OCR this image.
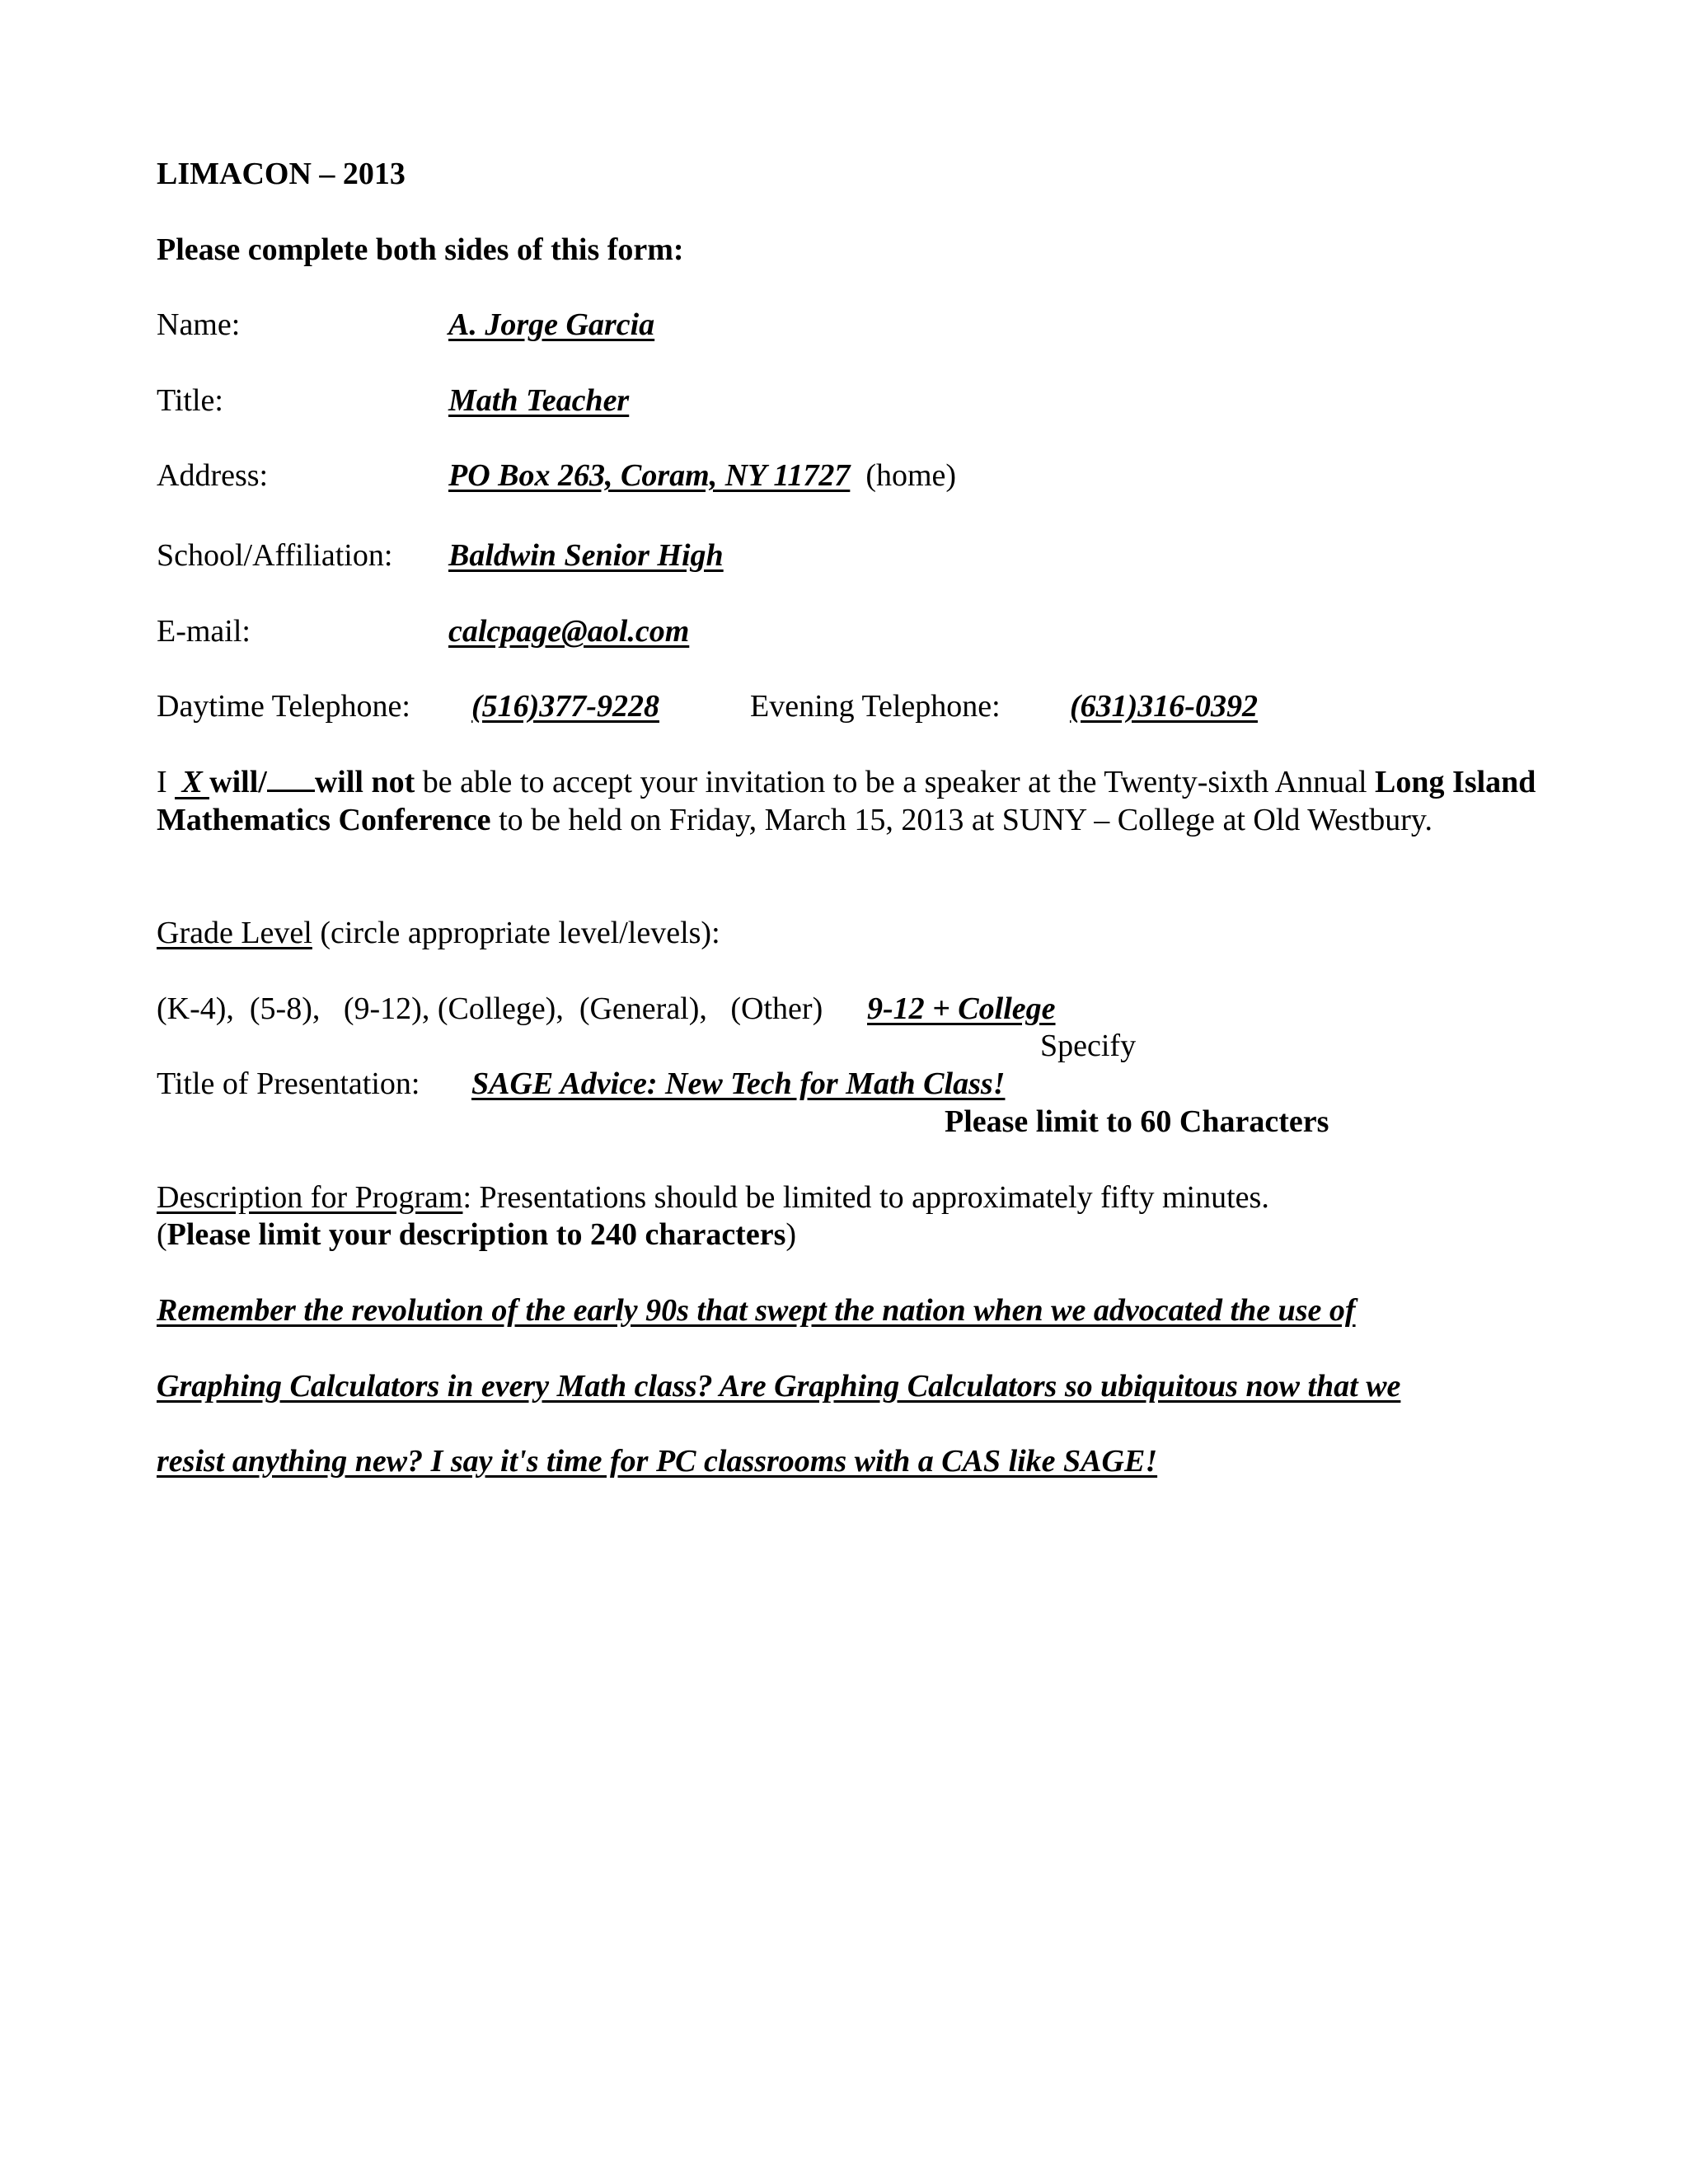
LIMACON – 2013
Please complete both sides of this form:
Name:	A. Jorge Garcia
Title:	Math Teacher
Address:	PO Box 263, Coram, NY 11727 (home)
School/Affiliation: Baldwin Senior High
E-mail:	calcpage@aol.com
Daytime Telephone: (516)377-9228	Evening Telephone: (631)316-0392
I X will/ will not be able to accept your invitation to be a speaker at the Twenty-sixth Annual Long Island Mathematics Conference to be held on Friday, March 15, 2013 at SUNY – College at Old Westbury.
Grade Level (circle appropriate level/levels):
(K-4),  (5-8),   (9-12), (College),  (General),   (Other) 9-12 + College
Specify
Title of Presentation: SAGE Advice: New Tech for Math Class!
Please limit to 60 Characters
Description for Program: Presentations should be limited to approximately fifty minutes.
(Please limit your description to 240 characters)
Remember the revolution of the early 90s that swept the nation when we advocated the use of
Graphing Calculators in every Math class? Are Graphing Calculators so ubiquitous now that we
resist anything new? I say it's time for PC classrooms with a CAS like SAGE!
